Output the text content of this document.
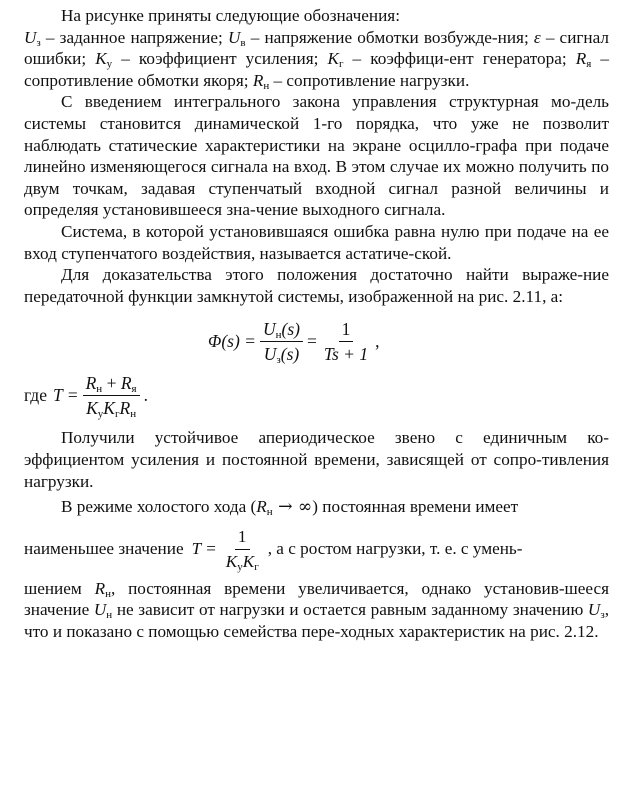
На рисунке приняты следующие обозначения:
$U_з$ – заданное напряжение; $U_в$ – напряжение обмотки возбужде-ния; ε – сигнал ошибки; $K_у$ – коэффициент усиления; $K_г$ – коэффици-ент генератора; $R_я$ – сопротивление обмотки якоря; $R_н$ – сопротивление нагрузки.

С введением интегрального закона управления структурная мо-дель системы становится динамической 1-го порядка, что уже не позволит наблюдать статические характеристики на экране осцилло-графа при подаче линейно изменяющегося сигнала на вход. В этом случае их можно получить по двум точкам, задавая ступенчатый входной сигнал разной величины и определяя установившееся зна-чение выходного сигнала.

Система, в которой установившаяся ошибка равна нулю при подаче на ее вход ступенчатого воздействия, называется астатиче-ской.

Для доказательства этого положения достаточно найти выраже-ние передаточной функции замкнутой системы, изображенной на рис. 2.11, а:

$\Phi(s) = \frac{U_н(s)}{U_з(s)} = \frac{1}{Ts + 1}$ ,
где $T = \frac{R_н + R_я}{K_уK_гR_н}$ .

Получили устойчивое апериодическое звено с единичным ко-эффициентом усиления и постоянной времени, зависящей от сопро-тивления нагрузки.

В режиме холостого хода ($R_н$ → ∞) постоянная времени имеет

наименьшее значение $T = \frac{1}{K_уK_г}$ , а с ростом нагрузки, т. е. с умень-

шением $R_н$, постоянная времени увеличивается, однако установив-шееся значение $U_н$ не зависит от нагрузки и остается равным заданному значению $U_з$, что и показано с помощью семейства пере-ходных характеристик на рис. 2.12.
